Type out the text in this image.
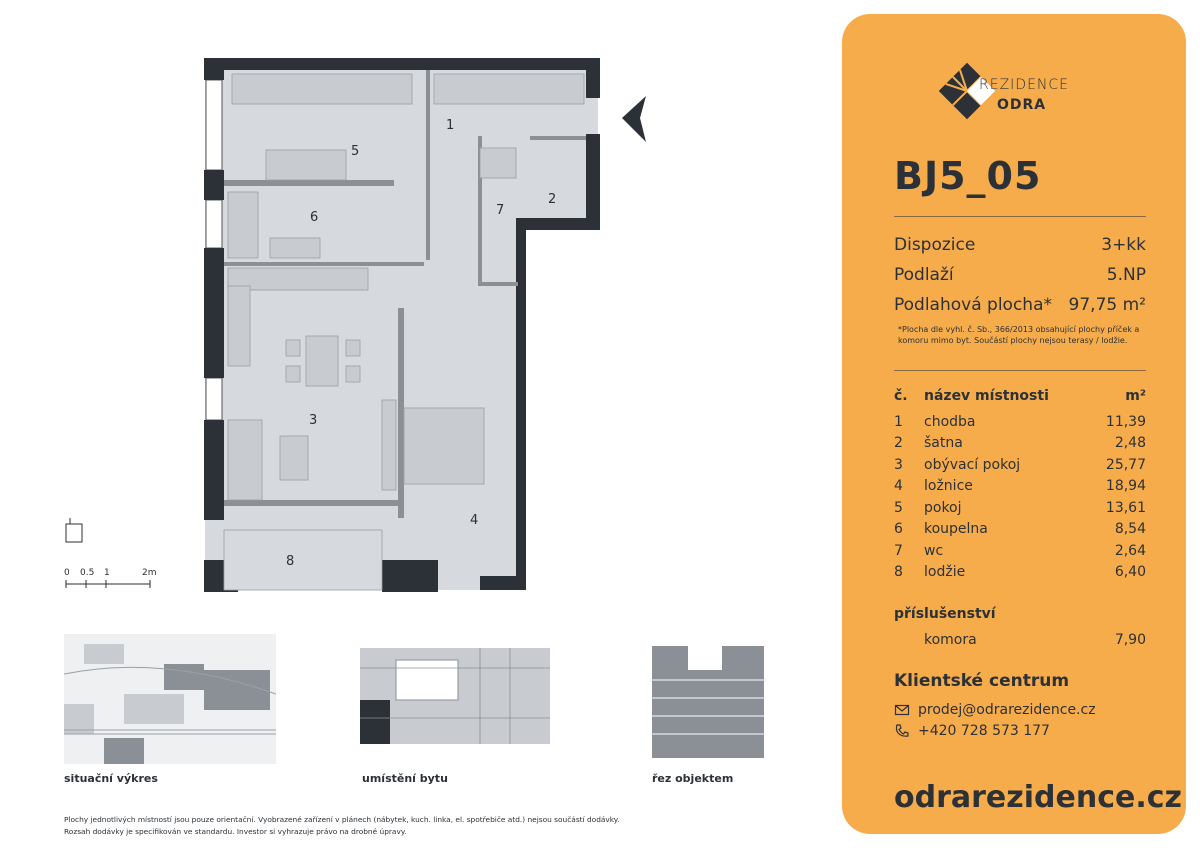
1
2
3
4
5
6	7
8
0 0.5 1	2m
situační výkres	umístění bytu	řez objektem
Plochy jednotlivých místností jsou pouze orientační. Vyobrazené zařízení v plánech (nábytek, kuch. linka, el. spotřebiče atd.) nejsou součástí dodávky. Rozsah dodávky je specifikován ve standardu. Investor si vyhrazuje právo na drobné úpravy.
REZIDENCE
ODRA
BJ5_05
Dispozice	3+kk
Podlaží	5.NP
Podlahová plocha* 97,75 m²
*Plocha dle vyhl. č. Sb., 366/2013 obsahující plochy příček a komoru mimo byt. Součástí plochy nejsou terasy / lodžie.
č. název místnosti	m²
1 chodba	11,39
2 šatna	2,48
3 obývací pokoj	25,77
4 ložnice	18,94
5 pokoj	13,61
6 koupelna	8,54
7 wc	2,64
8 lodžie	6,40
příslušenství
komora	7,90
Klientské centrum
prodej@odrarezidence.cz
+420 728 573 177
odrarezidence.cz
